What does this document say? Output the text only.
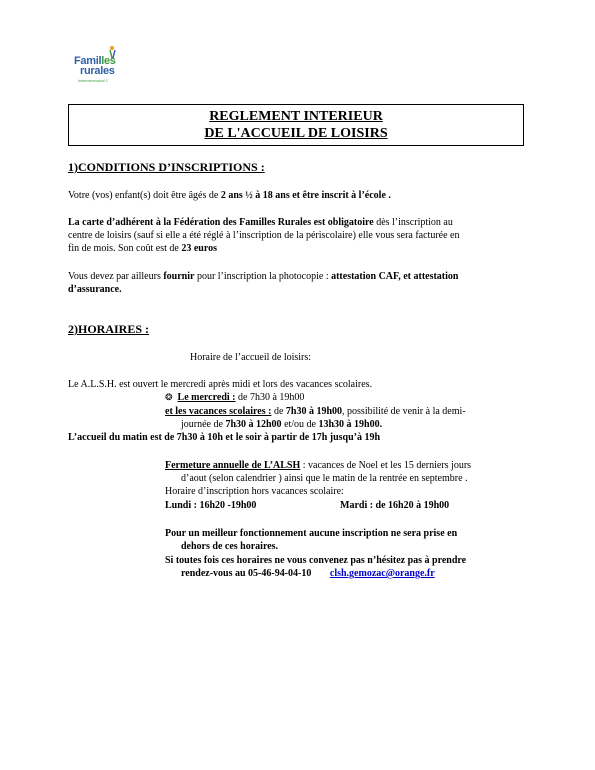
Familles
rurales
Intercommunal 2
REGLEMENT INTERIEUR
DE L'ACCUEIL DE LOISIRS
1)CONDITIONS D’INSCRIPTIONS :
Votre (vos) enfant(s) doit être âgés de 2 ans ½ à 18 ans et être inscrit à l’école .
La carte d’adhérent à la Fédération des Familles Rurales est obligatoire dès l’inscription au
centre de loisirs (sauf si elle a été réglé à l’inscription de la périscolaire) elle vous sera facturée en
fin de mois. Son coût est de 23 euros
Vous devez par ailleurs fournir pour l’inscription la photocopie : attestation CAF, et attestation
d’assurance.
2)HORAIRES :
Horaire de l’accueil de loisirs:
Le A.L.S.H. est ouvert le mercredi après midi et lors des vacances scolaires.
❂ Le mercredi : de 7h30 à 19h00
et les vacances scolaires : de 7h30 à 19h00, possibilité de venir à la demi-
journée de 7h30 à 12h00 et/ou de 13h30 à 19h00.
L’accueil du matin est de 7h30 à 10h et le soir à partir de 17h jusqu’à 19h
Fermeture annuelle de L’ALSH : vacances de Noel et les 15 derniers jours
d’aout (selon calendrier ) ainsi que le matin de la rentrée en septembre .
Horaire d’inscription hors vacances scolaire:
Lundi : 16h20 -19h00	Mardi : de 16h20 à 19h00
Pour un meilleur fonctionnement aucune inscription ne sera prise en
dehors de ces horaires.
Si toutes fois ces horaires ne vous convenez pas n’hésitez pas à prendre
rendez-vous au 05-46-94-04-10 clsh.gemozac@orange.fr
